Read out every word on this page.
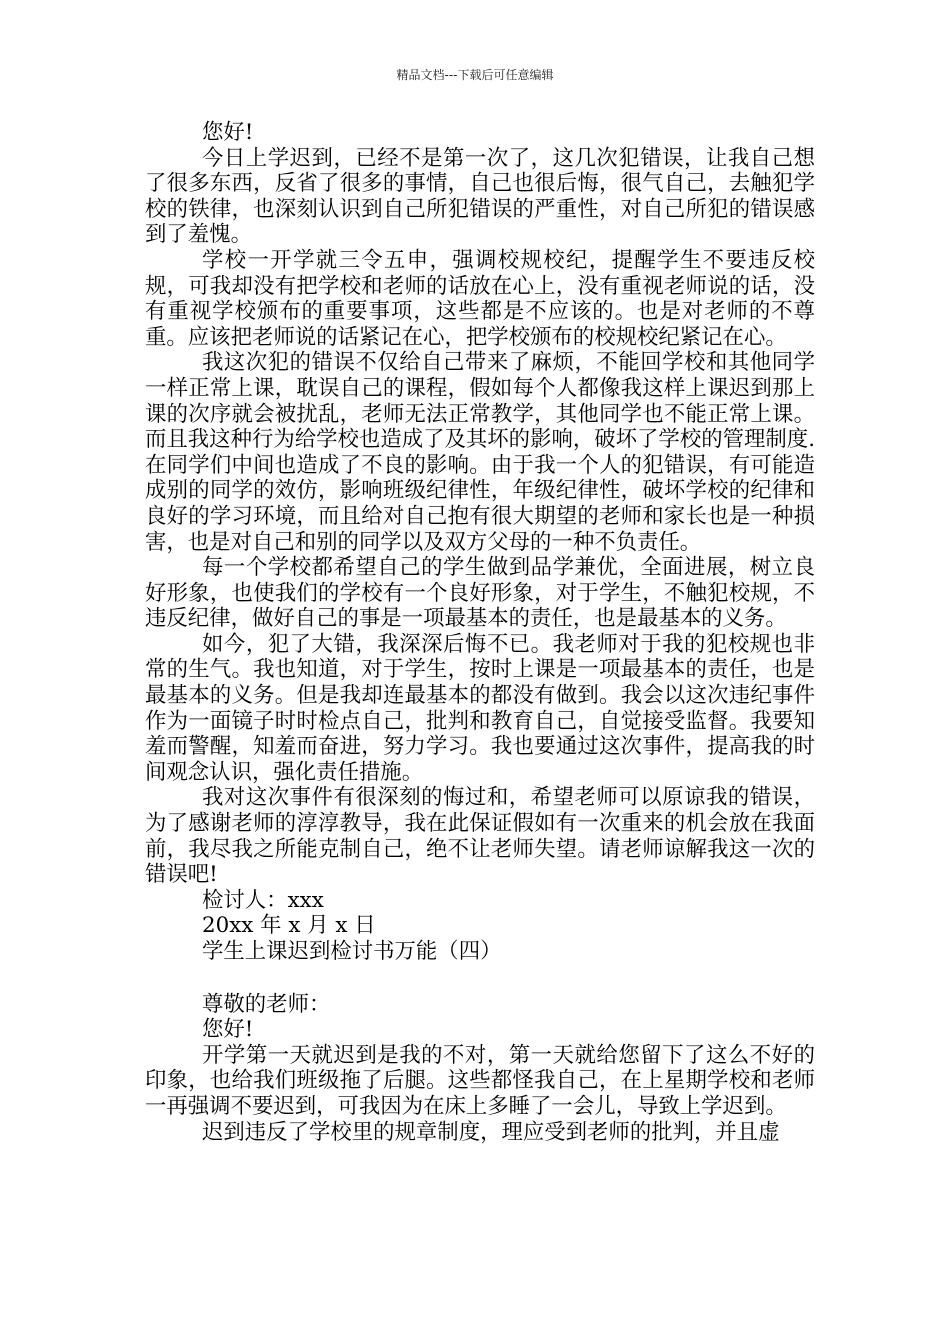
精品文档---下载后可任意编辑

您好!

今日上学迟到，已经不是第一次了，这几次犯错误，让我自己想了很多东西，反省了很多的事情，自己也很后悔，很气自己，去触犯学校的铁律，也深刻认识到自己所犯错误的严重性，对自己所犯的错误感到了羞愧。

学校一开学就三令五申，强调校规校纪，提醒学生不要违反校规，可我却没有把学校和老师的话放在心上，没有重视老师说的话，没有重视学校颁布的重要事项，这些都是不应该的。也是对老师的不尊重。应该把老师说的话紧记在心，把学校颁布的校规校纪紧记在心。

我这次犯的错误不仅给自己带来了麻烦，不能回学校和其他同学一样正常上课，耽误自己的课程，假如每个人都像我这样上课迟到那上课的次序就会被扰乱，老师无法正常教学，其他同学也不能正常上课。而且我这种行为给学校也造成了及其坏的影响，破坏了学校的管理制度.在同学们中间也造成了不良的影响。由于我一个人的犯错误，有可能造成别的同学的效仿，影响班级纪律性，年级纪律性，破坏学校的纪律和良好的学习环境，而且给对自己抱有很大期望的老师和家长也是一种损害，也是对自己和别的同学以及双方父母的一种不负责任。

每一个学校都希望自己的学生做到品学兼优，全面进展，树立良好形象，也使我们的学校有一个良好形象，对于学生，不触犯校规，不违反纪律，做好自己的事是一项最基本的责任，也是最基本的义务。

如今，犯了大错，我深深后悔不已。我老师对于我的犯校规也非常的生气。我也知道，对于学生，按时上课是一项最基本的责任，也是最基本的义务。但是我却连最基本的都没有做到。我会以这次违纪事件作为一面镜子时时检点自己，批判和教育自己，自觉接受监督。我要知羞而警醒，知羞而奋进，努力学习。我也要通过这次事件，提高我的时间观念认识，强化责任措施。

我对这次事件有很深刻的悔过和，希望老师可以原谅我的错误，为了感谢老师的淳淳教导，我在此保证假如有一次重来的机会放在我面前，我尽我之所能克制自己，绝不让老师失望。请老师谅解我这一次的错误吧!

检讨人：xxx

20xx 年 x 月 x 日

学生上课迟到检讨书万能（四）

尊敬的老师：

您好!

开学第一天就迟到是我的不对，第一天就给您留下了这么不好的印象，也给我们班级拖了后腿。这些都怪我自己，在上星期学校和老师一再强调不要迟到，可我因为在床上多睡了一会儿，导致上学迟到。

迟到违反了学校里的规章制度，理应受到老师的批判，并且虚
